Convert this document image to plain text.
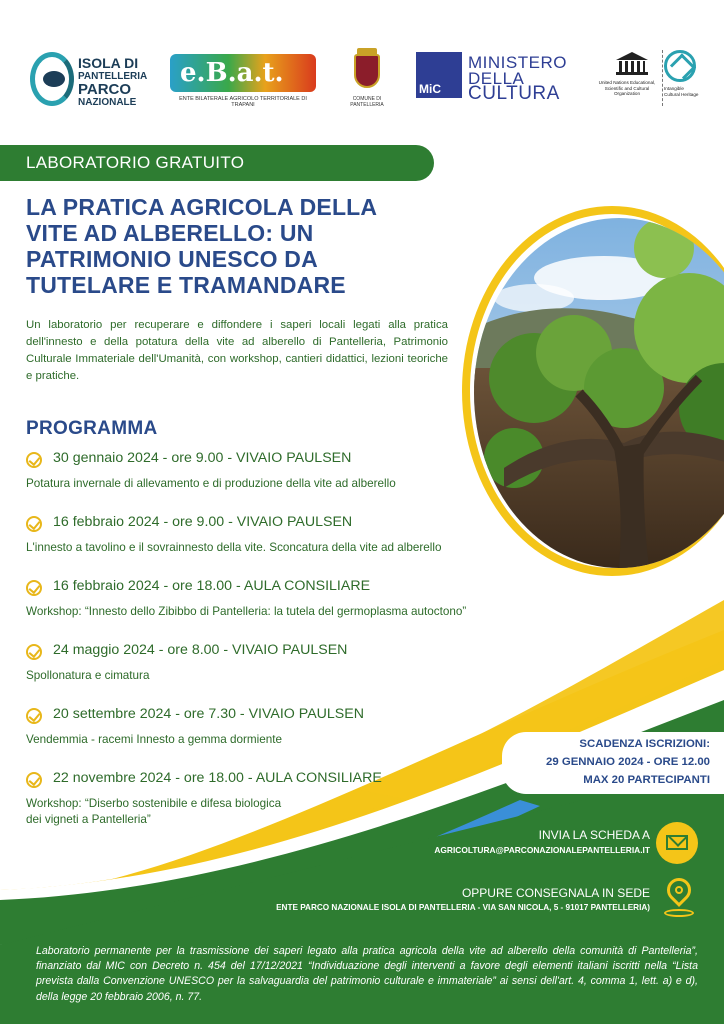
ISOLA DI
PANTELLERIA
PARCO
NAZIONALE
e.B.a.t.
ENTE BILATERALE AGRICOLO TERRITORIALE DI TRAPANI
COMUNE DI PANTELLERIA
MiC
MINISTERO
DELLA
CULTURA
United Nations Educational, Scientific and Cultural Organization
Intangible Cultural Heritage
LABORATORIO GRATUITO
LA PRATICA AGRICOLA DELLA
VITE AD ALBERELLO: UN
PATRIMONIO UNESCO DA
TUTELARE E TRAMANDARE
Un laboratorio per recuperare e diffondere i saperi locali legati alla pratica dell'innesto e della potatura della vite ad alberello di Pantelleria, Patrimonio Culturale Immateriale dell'Umanità, con workshop, cantieri didattici, lezioni teoriche e pratiche.
PROGRAMMA
30 gennaio 2024 - ore 9.00 - VIVAIO PAULSEN
Potatura invernale di allevamento e di produzione della vite ad alberello
16 febbraio 2024 - ore 9.00 - VIVAIO PAULSEN
L'innesto a tavolino e il sovrainnesto della vite. Sconcatura della vite ad alberello
16 febbraio 2024 - ore 18.00 - AULA CONSILIARE
Workshop: “Innesto dello Zibibbo di Pantelleria: la tutela del germoplasma autoctono”
24 maggio 2024 - ore 8.00 - VIVAIO PAULSEN
Spollonatura e cimatura
20 settembre 2024 - ore 7.30 - VIVAIO PAULSEN
Vendemmia - racemi Innesto a gemma dormiente
22 novembre 2024 - ore 18.00 - AULA CONSILIARE
Workshop: “Diserbo sostenibile e difesa biologica
dei vigneti a Pantelleria”
SCADENZA ISCRIZIONI:
29 GENNAIO 2024 - ORE 12.00
MAX 20 PARTECIPANTI
INVIA LA SCHEDA A
AGRICOLTURA@PARCONAZIONALEPANTELLERIA.IT
OPPURE CONSEGNALA IN SEDE
ENTE PARCO NAZIONALE ISOLA DI PANTELLERIA - VIA SAN NICOLA, 5 - 91017 PANTELLERIA)
Laboratorio permanente per la trasmissione dei saperi legato alla pratica agricola della vite ad alberello della comunità di Pantelleria”, finanziato dal MIC con Decreto n. 454 del 17/12/2021 “Individuazione degli interventi a favore degli elementi italiani iscritti nella “Lista prevista dalla Convenzione UNESCO per la salvaguardia del patrimonio culturale e immateriale” ai sensi dell'art. 4, comma 1, lett. a) e d), della legge 20 febbraio 2006, n. 77.
